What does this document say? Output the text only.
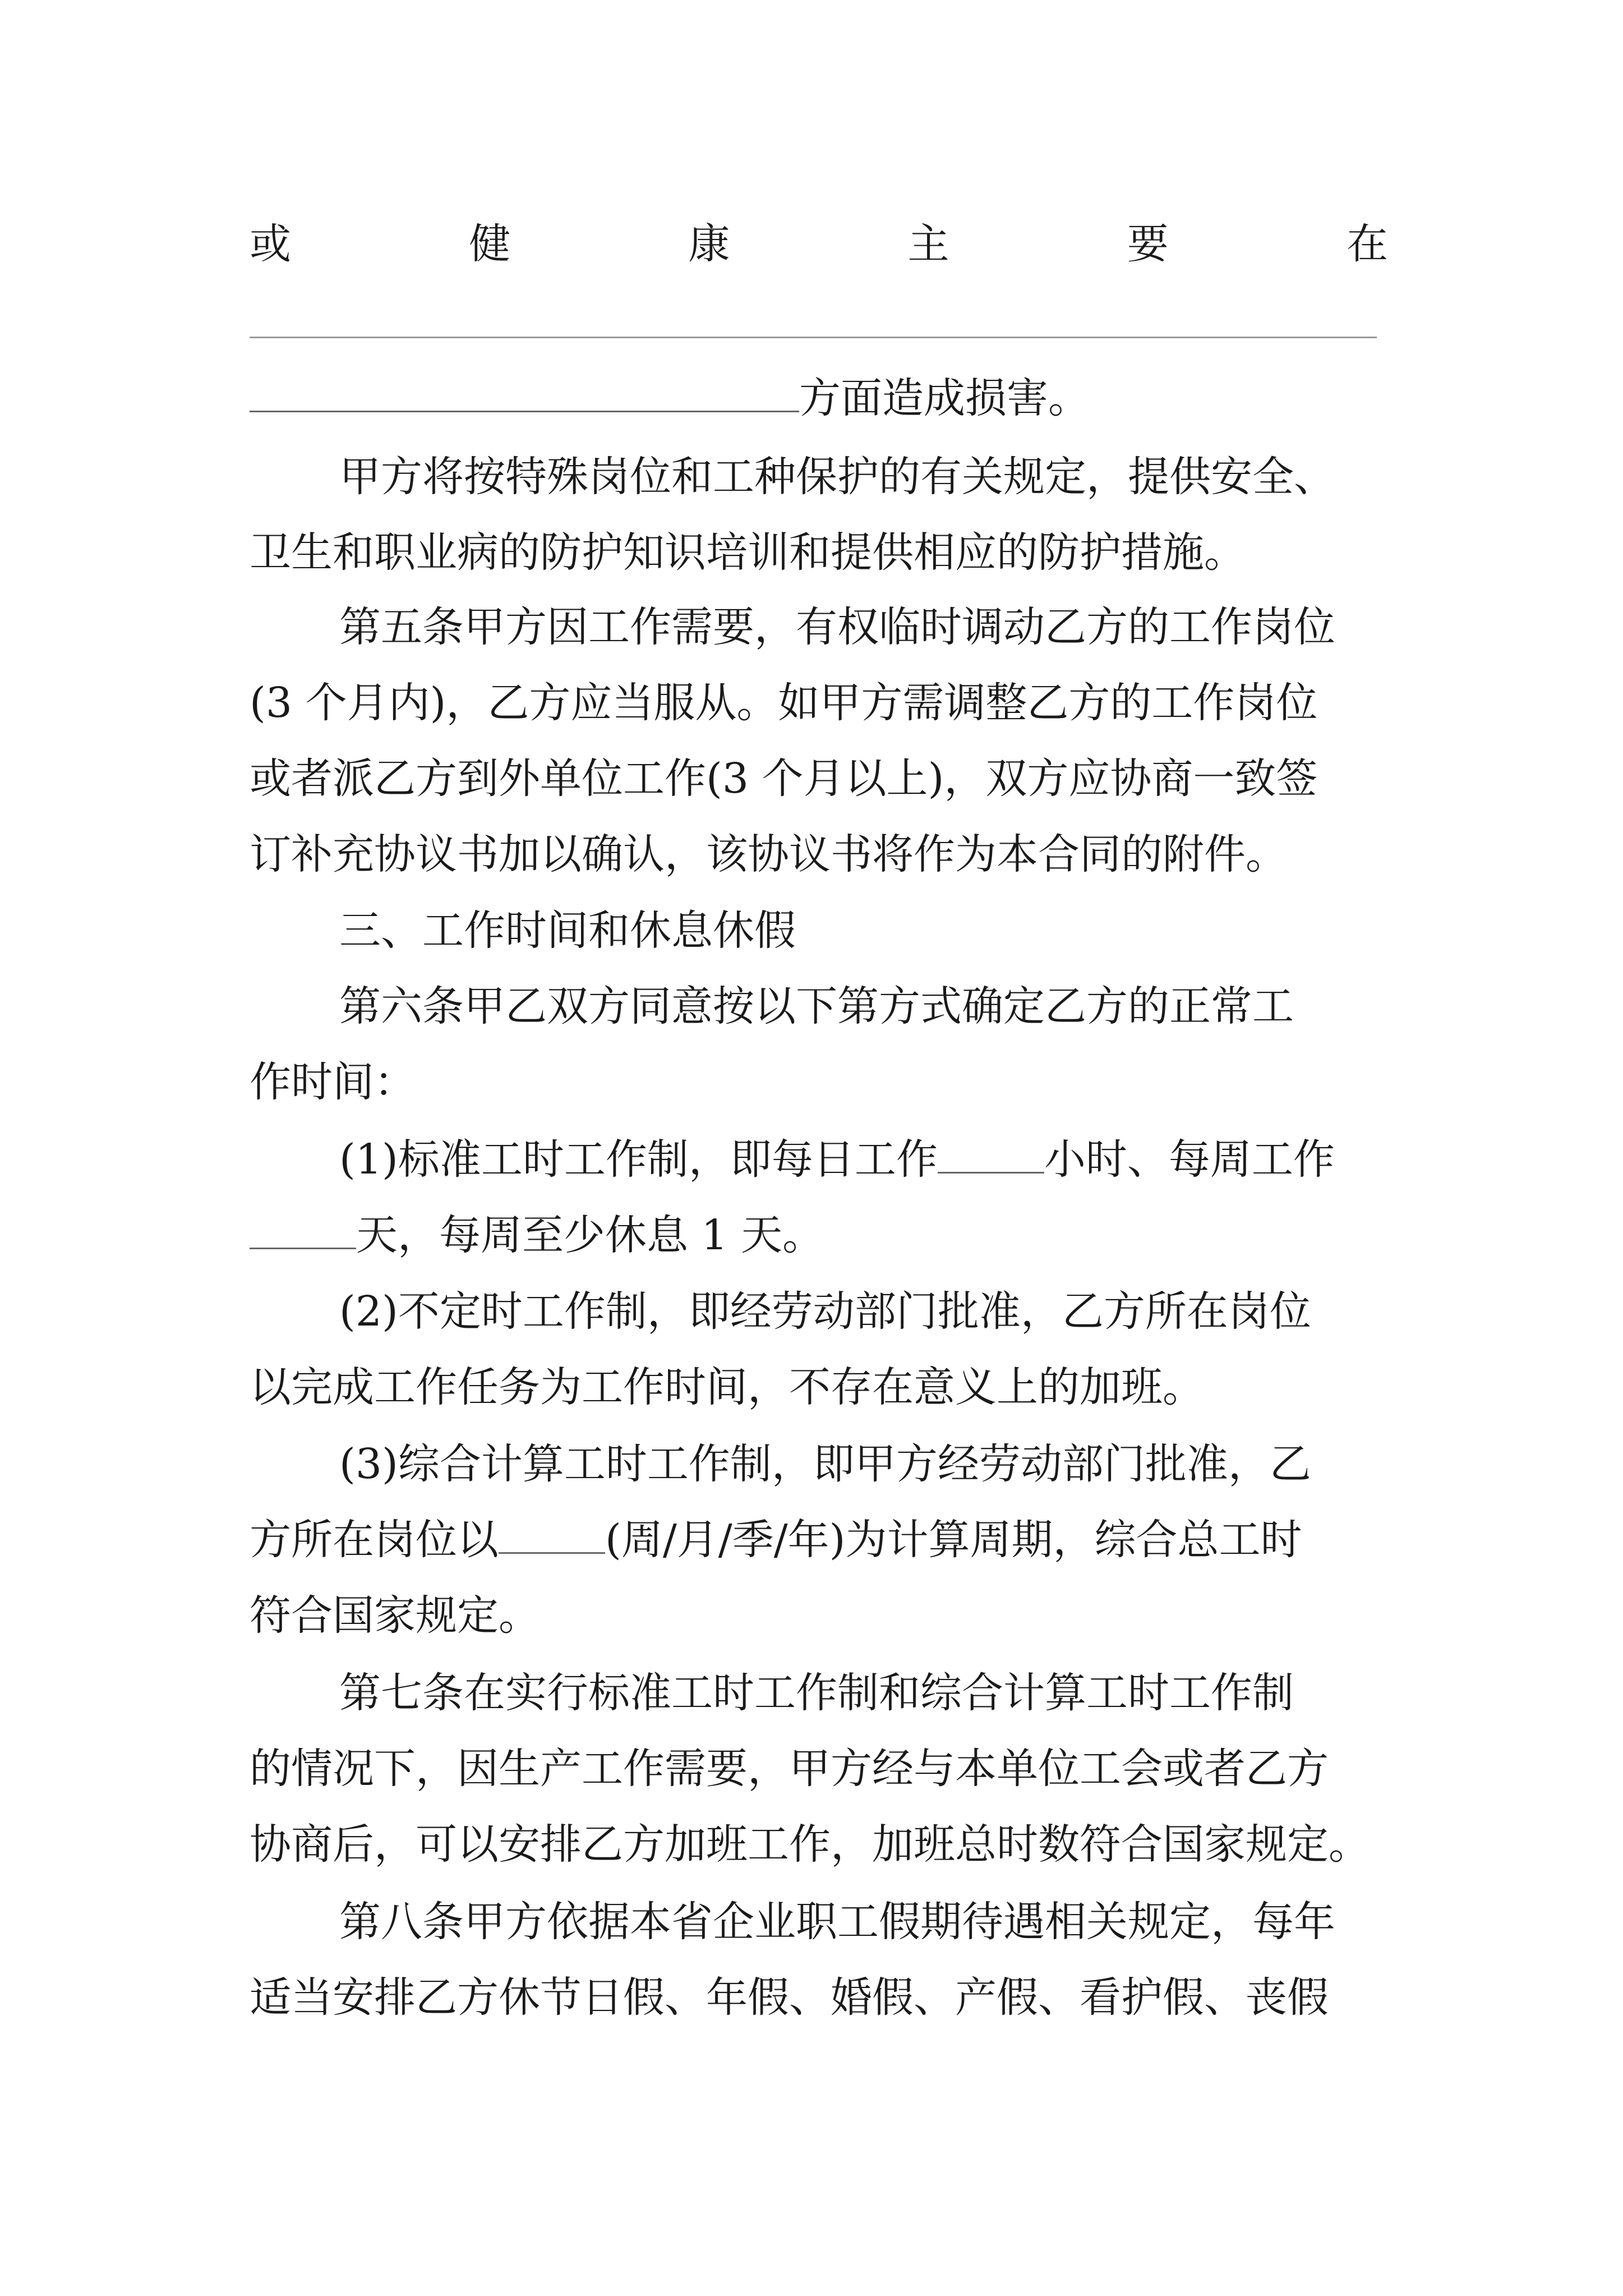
或	健	康	主	要	在
方面造成损害。
甲方将按特殊岗位和工种保护的有关规定，提供安全、
卫生和职业病的防护知识培训和提供相应的防护措施。
第五条甲方因工作需要，有权临时调动乙方的工作岗位
(3 个月内)，乙方应当服从。如甲方需调整乙方的工作岗位
或者派乙方到外单位工作(3 个月以上)，双方应协商一致签
订补充协议书加以确认，该协议书将作为本合同的附件。
三、工作时间和休息休假
第六条甲乙双方同意按以下第方式确定乙方的正常工
作时间：
(1)标准工时工作制，即每日工作	小时、每周工作
天，每周至少休息 1 天。
(2)不定时工作制，即经劳动部门批准，乙方所在岗位
以完成工作任务为工作时间，不存在意义上的加班。
(3)综合计算工时工作制，即甲方经劳动部门批准，乙
方所在岗位以	(周/月/季/年)为计算周期，综合总工时
符合国家规定。
第七条在实行标准工时工作制和综合计算工时工作制
的情况下，因生产工作需要，甲方经与本单位工会或者乙方
协商后，可以安排乙方加班工作，加班总时数符合国家规定。
第八条甲方依据本省企业职工假期待遇相关规定，每年
适当安排乙方休节日假、年假、婚假、产假、看护假、丧假
